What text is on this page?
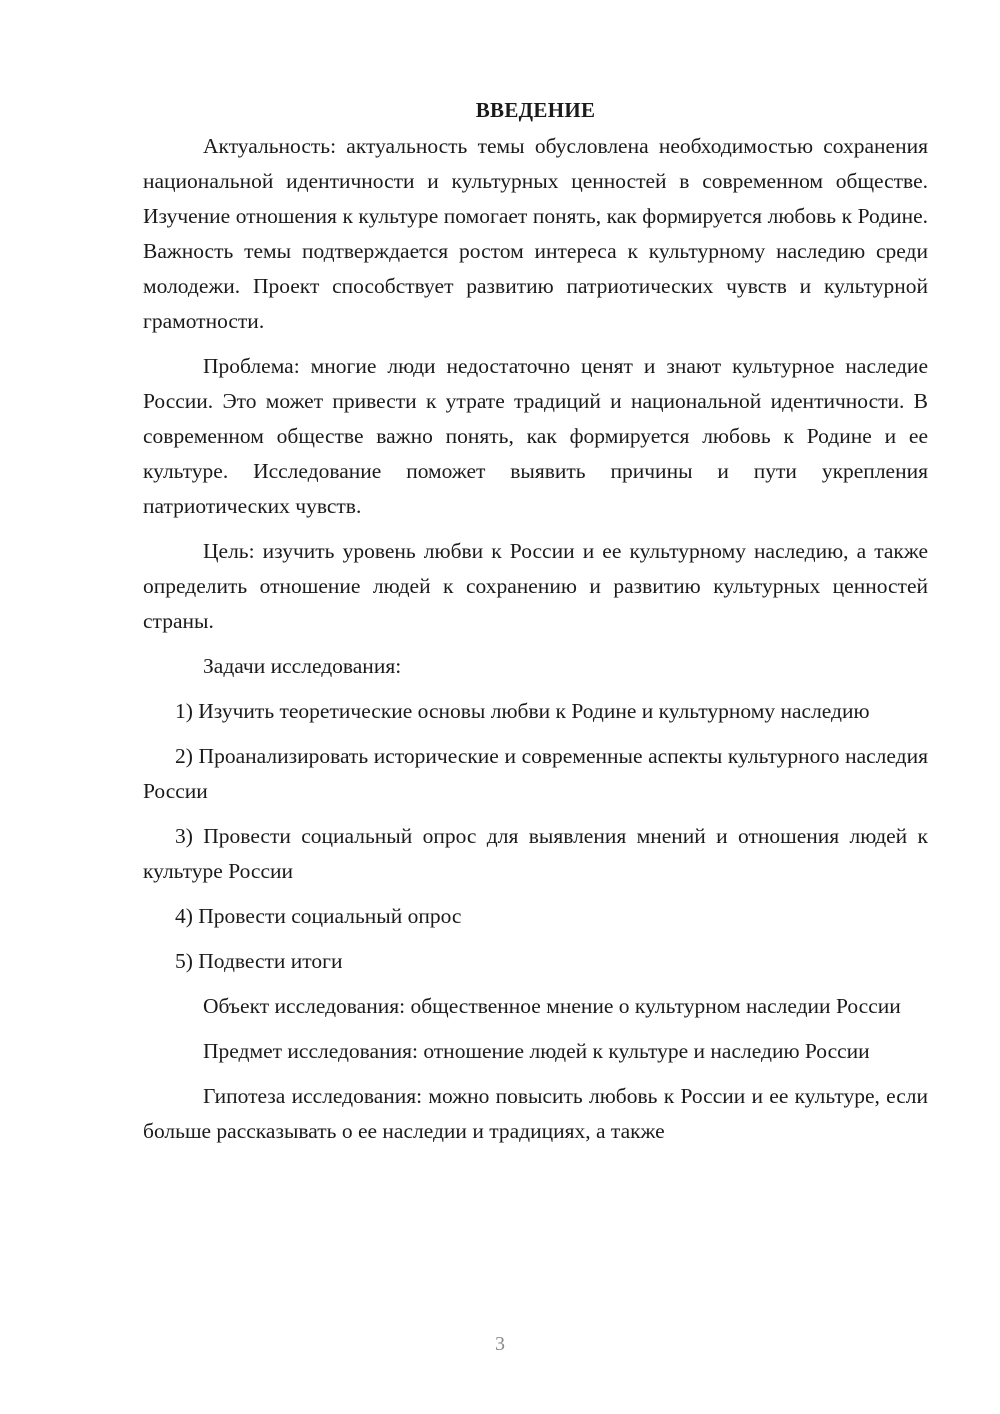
ВВЕДЕНИЕ

Актуальность: актуальность темы обусловлена необходимостью сохранения национальной идентичности и культурных ценностей в современном обществе. Изучение отношения к культуре помогает понять, как формируется любовь к Родине. Важность темы подтверждается ростом интереса к культурному наследию среди молодежи. Проект способствует развитию патриотических чувств и культурной грамотности.

Проблема: многие люди недостаточно ценят и знают культурное наследие России. Это может привести к утрате традиций и национальной идентичности. В современном обществе важно понять, как формируется любовь к Родине и ее культуре. Исследование поможет выявить причины и пути укрепления патриотических чувств.

Цель: изучить уровень любви к России и ее культурному наследию, а также определить отношение людей к сохранению и развитию культурных ценностей страны.

Задачи исследования:

1) Изучить теоретические основы любви к Родине и культурному наследию

2) Проанализировать исторические и современные аспекты культурного наследия России

3) Провести социальный опрос для выявления мнений и отношения людей к культуре России

4) Провести социальный опрос

5) Подвести итоги

Объект исследования: общественное мнение о культурном наследии России

Предмет исследования: отношение людей к культуре и наследию России

Гипотеза исследования: можно повысить любовь к России и ее культуре, если больше рассказывать о ее наследии и традициях, а также

3
